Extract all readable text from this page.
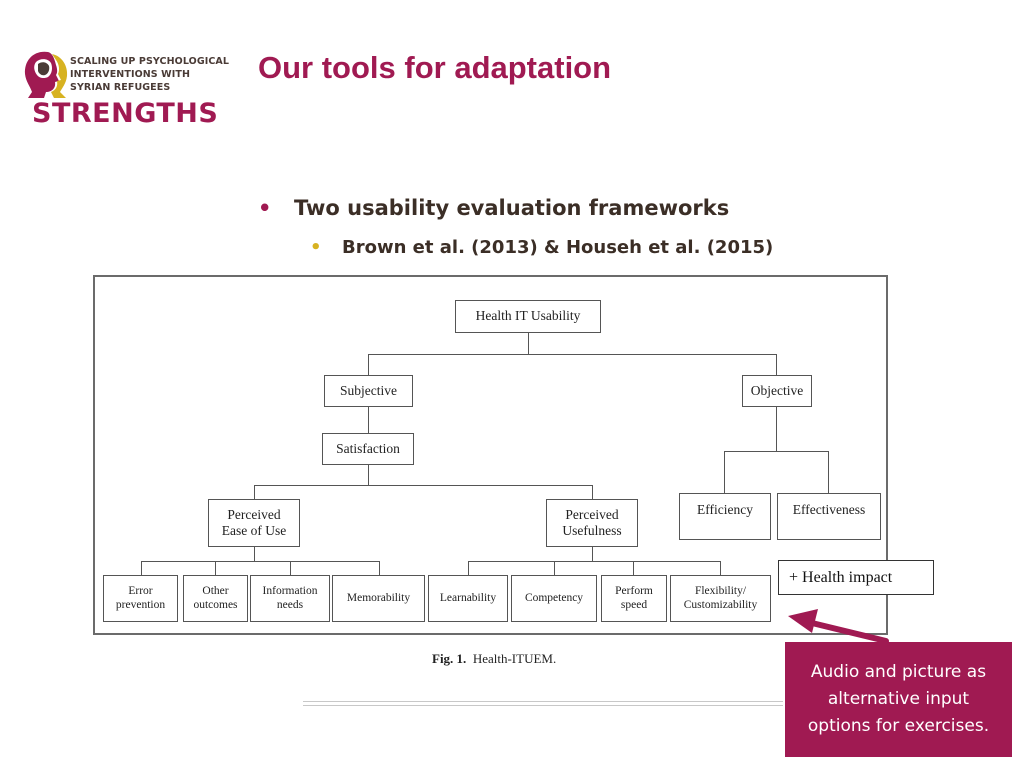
SCALING UP PSYCHOLOGICAL
INTERVENTIONS WITH
SYRIAN REFUGEES
STRENGTHS
Our tools for adaptation
• Two usability evaluation frameworks
• Brown et al. (2013) & Househ et al. (2015)
Health IT Usability
Subjective	Objective
Satisfaction
Efficiency	Effectiveness
Perceived
Ease of Use
Perceived
Usefulness
Error
prevention
Other
outcomes
Information
needs
Memorability	Learnability	Competency
Perform
speed
Flexibility/
Customizability
Fig. 1. Health-ITUEM.
+ Health impact
Audio and picture as alternative input options for exercises.
